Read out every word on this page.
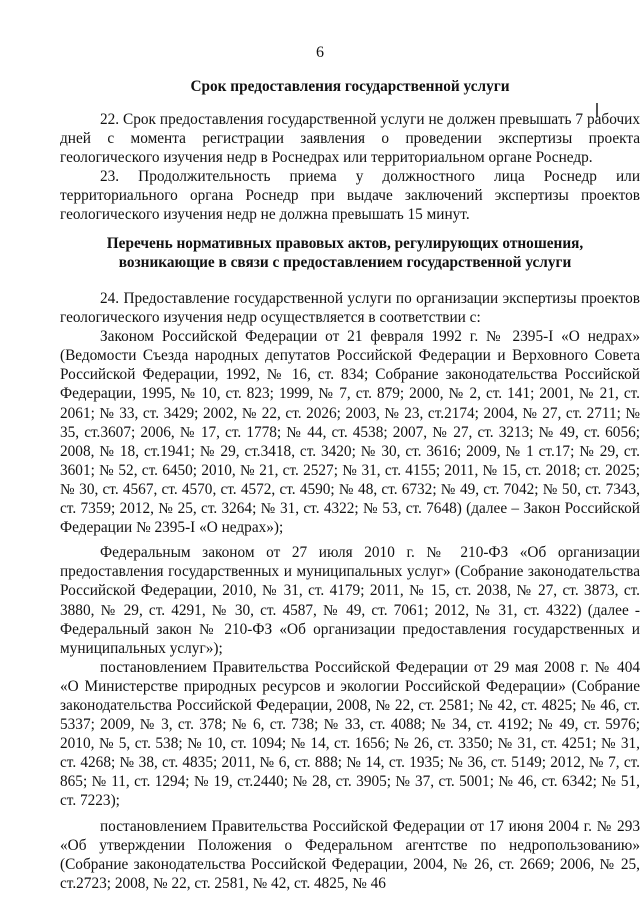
6

Срок предоставления государственной услуги

22. Срок предоставления государственной услуги не должен превышать 7 рабочих дней с момента регистрации заявления о проведении экспертизы проекта геологического изучения недр в Роснедрах или территориальном органе Роснедр.

23. Продолжительность приема у должностного лица Роснедр или территориального органа Роснедр при выдаче заключений экспертизы проектов геологического изучения недр не должна превышать 15 минут.

Перечень нормативных правовых актов, регулирующих отношения, возникающие в связи с предоставлением государственной услуги

24. Предоставление государственной услуги по организации экспертизы проектов геологического изучения недр осуществляется в соответствии с:

Законом Российской Федерации от 21 февраля 1992 г. № 2395-I «О недрах» (Ведомости Съезда народных депутатов Российской Федерации и Верховного Совета Российской Федерации, 1992, № 16, ст. 834; Собрание законодательства Российской Федерации, 1995, № 10, ст. 823; 1999, № 7, ст. 879; 2000, № 2, ст. 141; 2001, № 21, ст. 2061; № 33, ст. 3429; 2002, № 22, ст. 2026; 2003, № 23, ст.2174; 2004, № 27, ст. 2711; № 35, ст.3607; 2006, № 17, ст. 1778; № 44, ст. 4538; 2007, № 27, ст. 3213; № 49, ст. 6056; 2008, № 18, ст.1941; № 29, ст.3418, ст. 3420; № 30, ст. 3616; 2009, № 1 ст.17; № 29, ст. 3601; № 52, ст. 6450; 2010, № 21, ст. 2527; № 31, ст. 4155; 2011, № 15, ст. 2018; ст. 2025; № 30, ст. 4567, ст. 4570, ст. 4572, ст. 4590; № 48, ст. 6732; № 49, ст. 7042; № 50, ст. 7343, ст. 7359; 2012, № 25, ст. 3264; № 31, ст. 4322; № 53, ст. 7648) (далее – Закон Российской Федерации № 2395-I «О недрах»);

Федеральным законом от 27 июля 2010 г. № 210-ФЗ «Об организации предоставления государственных и муниципальных услуг» (Собрание законодательства Российской Федерации, 2010, № 31, ст. 4179; 2011, № 15, ст. 2038, № 27, ст. 3873, ст. 3880, № 29, ст. 4291, № 30, ст. 4587, № 49, ст. 7061; 2012, № 31, ст. 4322) (далее - Федеральный закон № 210-ФЗ «Об организации предоставления государственных и муниципальных услуг»);

постановлением Правительства Российской Федерации от 29 мая 2008 г. № 404 «О Министерстве природных ресурсов и экологии Российской Федерации» (Собрание законодательства Российской Федерации, 2008, № 22, ст. 2581; № 42, ст. 4825; № 46, ст. 5337; 2009, № 3, ст. 378; № 6, ст. 738; № 33, ст. 4088; № 34, ст. 4192; № 49, ст. 5976; 2010, № 5, ст. 538; № 10, ст. 1094; № 14, ст. 1656; № 26, ст. 3350; № 31, ст. 4251; № 31, ст. 4268; № 38, ст. 4835; 2011, № 6, ст. 888; № 14, ст. 1935; № 36, ст. 5149; 2012, № 7, ст. 865; № 11, ст. 1294; № 19, ст.2440; № 28, ст. 3905; № 37, ст. 5001; № 46, ст. 6342; № 51, ст. 7223);

постановлением Правительства Российской Федерации от 17 июня 2004 г. № 293 «Об утверждении Положения о Федеральном агентстве по недропользованию» (Собрание законодательства Российской Федерации, 2004, № 26, ст. 2669; 2006, № 25, ст.2723; 2008, № 22, ст. 2581, № 42, ст. 4825, № 46
